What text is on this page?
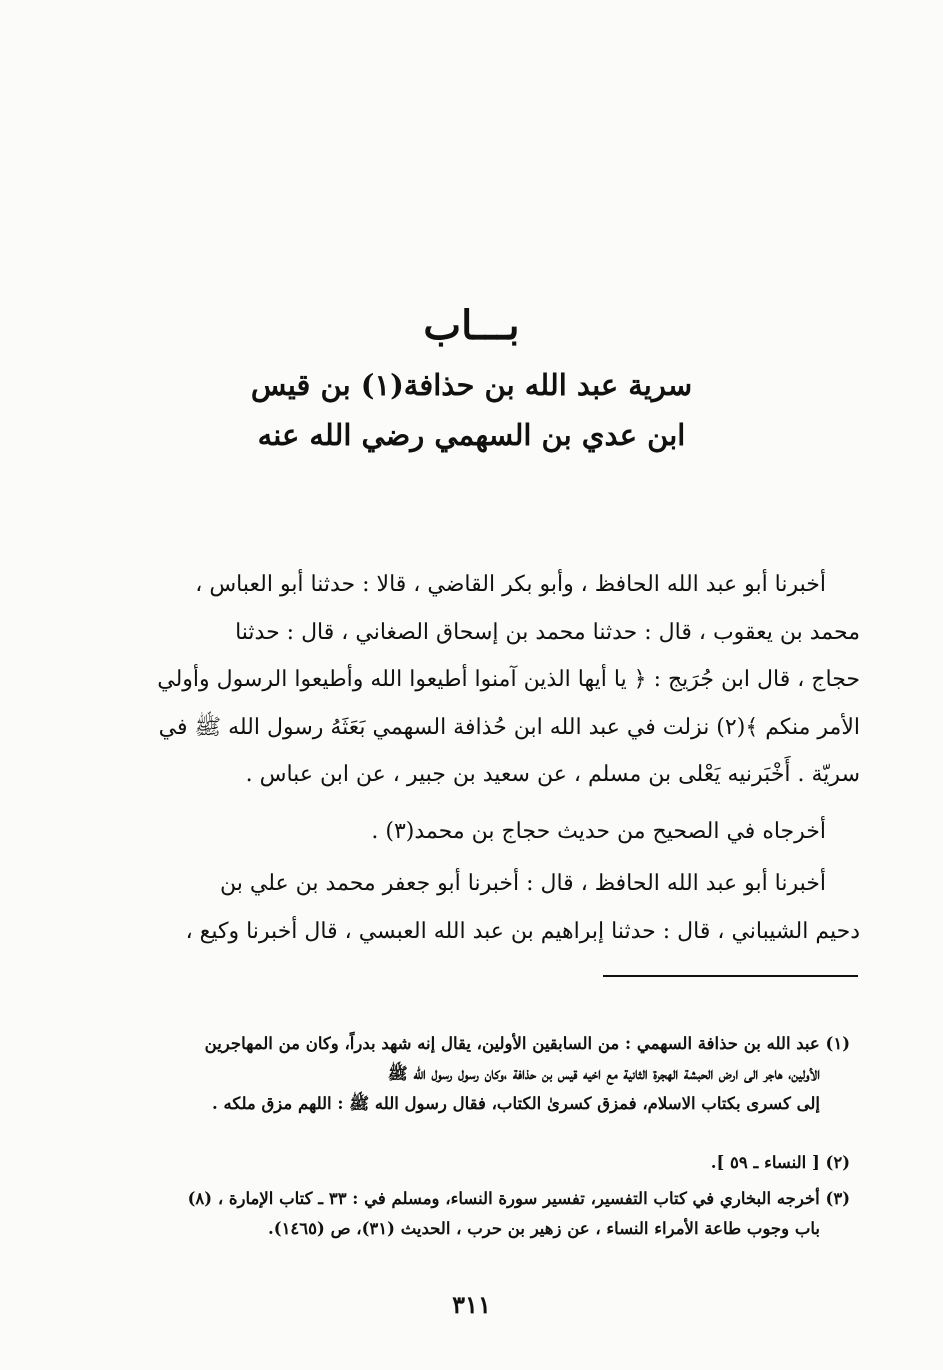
بـــاب
سرية عبد الله بن حذافة(١) بن قيس
ابن عدي بن السهمي رضي الله عنه
أخبرنا أبو عبد الله الحافظ ، وأبو بكر القاضي ، قالا : حدثنا أبو العباس ،
محمد بن يعقوب ، قال : حدثنا محمد بن إسحاق الصغاني ، قال : حدثنا
حجاج ، قال ابن جُرَيج : ﴿ يا أيها الذين آمنوا أطيعوا الله وأطيعوا الرسول وأولي
الأمر منكم ﴾(٢) نزلت في عبد الله ابن حُذافة السهمي بَعَثَهُ رسول الله ﷺ في
سريّة . أَخْبَرنيه يَعْلى بن مسلم ، عن سعيد بن جبير ، عن ابن عباس .
أخرجاه في الصحيح من حديث حجاج بن محمد(٣) .
أخبرنا أبو عبد الله الحافظ ، قال : أخبرنا أبو جعفر محمد بن علي بن
دحيم الشيباني ، قال : حدثنا إبراهيم بن عبد الله العبسي ، قال أخبرنا وكيع ،
(١) عبد الله بن حذافة السهمي : من السابقين الأولين، يقال إنه شهد بدراً، وكان من المهاجرين
الأولين، هاجر الى ارض الحبشة الهجرة الثانية مع اخيه قيس بن حذافة ،وكان رسول رسول الله ﷺ
إلى كسرى بكتاب الاسلام، فمزق كسرىٰ الكتاب، فقال رسول الله ﷺ : اللهم مزق ملكه .
(٢) [ النساء ـ ٥٩ ].
(٣) أخرجه البخاري في كتاب التفسير، تفسير سورة النساء، ومسلم في : ٣٣ ـ كتاب الإمارة ، (٨)
باب وجوب طاعة الأمراء النساء ، عن زهير بن حرب ، الحديث (٣١)، ص (١٤٦٥).
٣١١
